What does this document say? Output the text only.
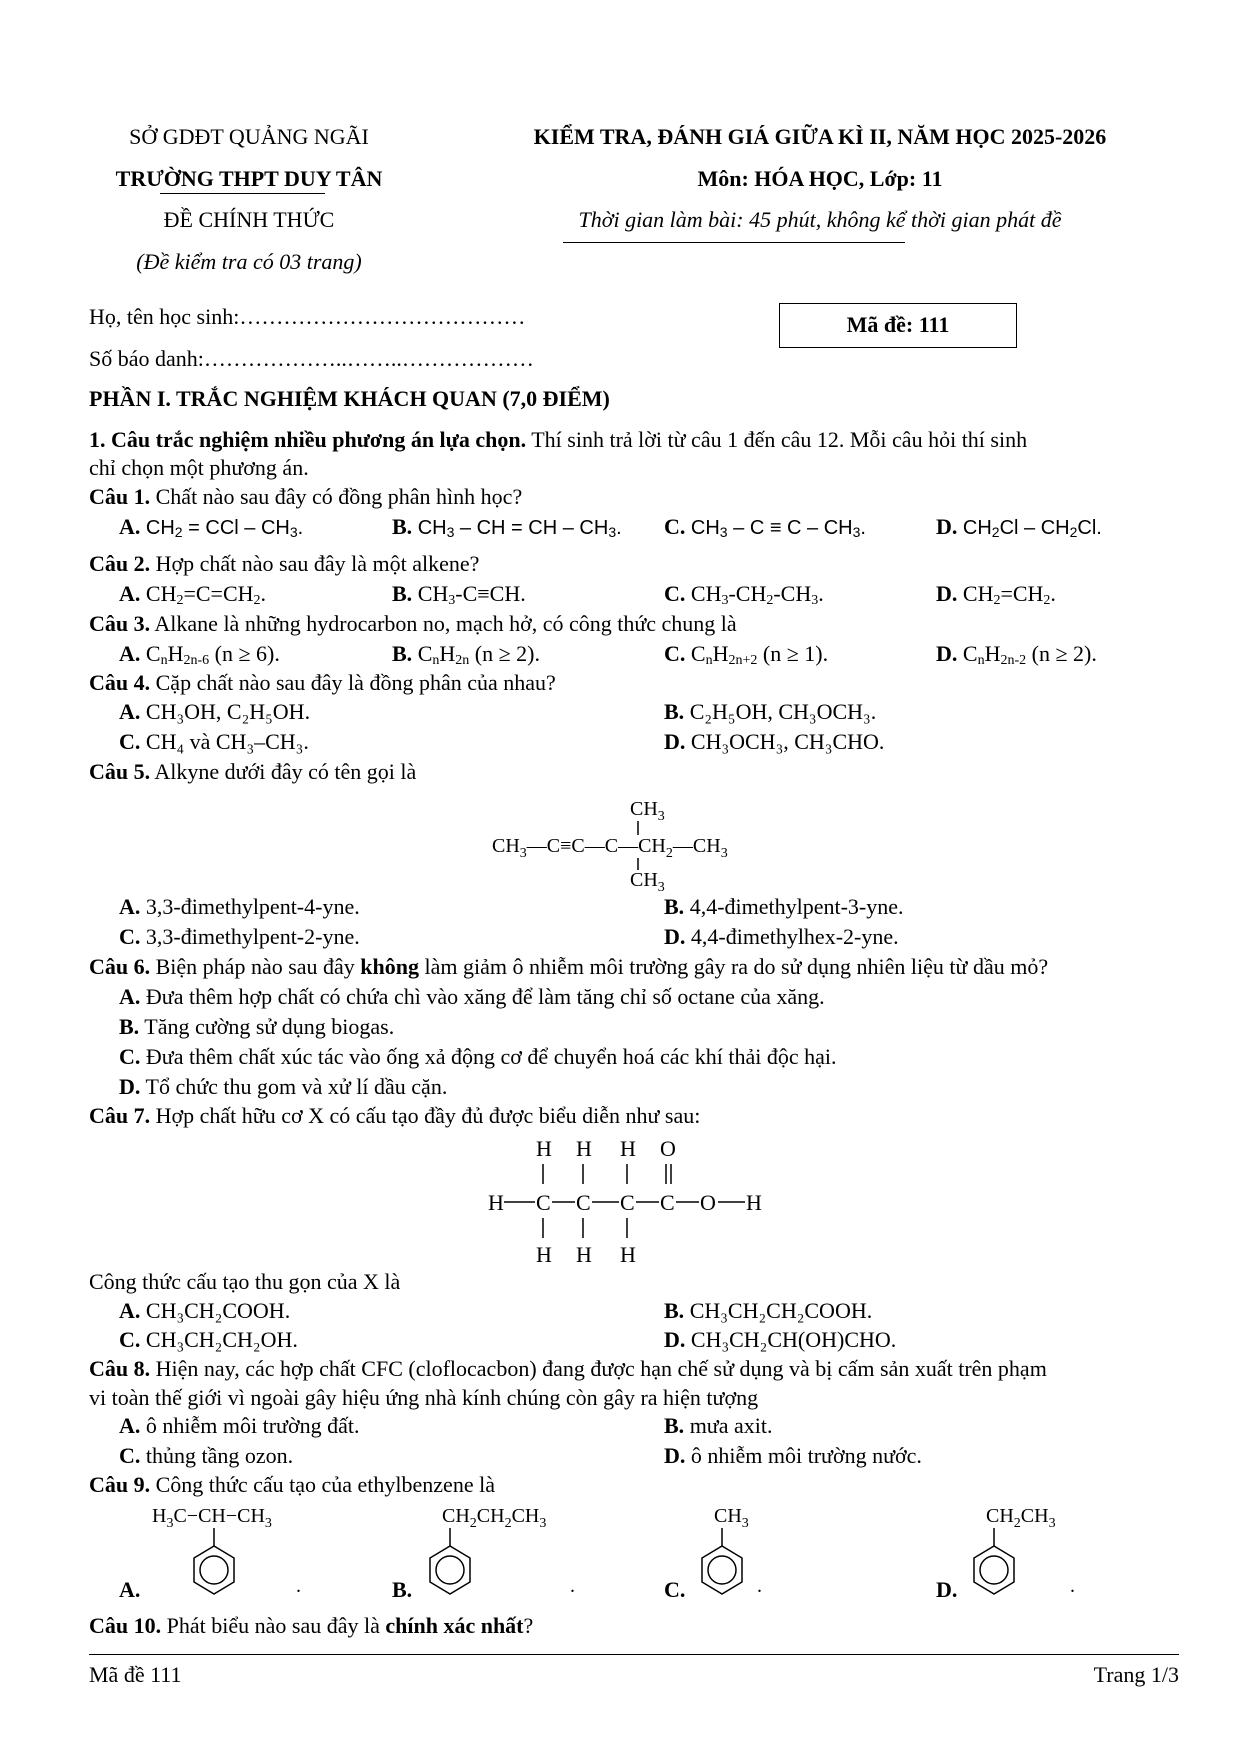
SỞ GDĐT QUẢNG NGÃI
TRƯỜNG THPT DUY TÂN
ĐỀ CHÍNH THỨC
(Đề kiểm tra có 03 trang)
KIỂM TRA, ĐÁNH GIÁ GIỮA KÌ II, NĂM HỌC 2025-2026
Môn: HÓA HỌC, Lớp: 11
Thời gian làm bài: 45 phút, không kể thời gian phát đề
Họ, tên học sinh:…………………………………
Số báo danh:………………..……..………………
Mã đề: 111
PHẦN I. TRẮC NGHIỆM KHÁCH QUAN (7,0 ĐIỂM)
1. Câu trắc nghiệm nhiều phương án lựa chọn. Thí sinh trả lời từ câu 1 đến câu 12. Mỗi câu hỏi thí sinh
chỉ chọn một phương án.
Câu 1. Chất nào sau đây có đồng phân hình học?
A. $CH_2$ = CCl – $CH_3$.	B. $CH_3$ – CH = CH – $CH_3$. C. $CH_3 - C \equiv C - CH_3$.	D. $CH_2Cl - CH_2Cl$.
Câu 2. Hợp chất nào sau đây là một alkene?
A. $CH_2=C=CH_2$.	B. $CH_3-C\equiv CH$.	C. $CH_3-CH_2-CH_3$.	D. $CH_2=CH_2$.
Câu 3. Alkane là những hydrocarbon no, mạch hở, có công thức chung là
A. $C_nH_{2n-6}$ (n ≥ 6).	B. $C_nH_{2n}$ (n ≥ 2).	C. $C_nH_{2n+2}$ (n ≥ 1).	D. $C_nH_{2n-2}$ (n ≥ 2).
Câu 4. Cặp chất nào sau đây là đồng phân của nhau?
A. CH₃OH, C₂H₅OH.	B. C₂H₅OH, CH₃OCH₃.
C. CH₄ và CH₃–CH₃.	D. CH₃OCH₃, CH₃CHO.
Câu 5. Alkyne dưới đây có tên gọi là
$CH_3$
$CH_3—C\equiv C—C—CH_2—CH_3$
$CH_3$
A. 3,3-đimethylpent-4-yne.	B. 4,4-đimethylpent-3-yne.
C. 3,3-đimethylpent-2-yne.	D. 4,4-đimethylhex-2-yne.
Câu 6. Biện pháp nào sau đây không làm giảm ô nhiễm môi trường gây ra do sử dụng nhiên liệu từ dầu mỏ?
A. Đưa thêm hợp chất có chứa chì vào xăng để làm tăng chỉ số octane của xăng.
B. Tăng cường sử dụng biogas.
C. Đưa thêm chất xúc tác vào ống xả động cơ để chuyển hoá các khí thải độc hại.
D. Tổ chức thu gom và xử lí dầu cặn.
Câu 7. Hợp chất hữu cơ X có cấu tạo đầy đủ được biểu diễn như sau:
H H H O
H C C C C O H
H H H
Công thức cấu tạo thu gọn của X là
A. CH₃CH₂COOH.	B. CH₃CH₂CH₂COOH.
C. CH₃CH₂CH₂OH.	D. CH₃CH₂CH(OH)CHO.
Câu 8. Hiện nay, các hợp chất CFC (cloflocacbon) đang được hạn chế sử dụng và bị cấm sản xuất trên phạm
vi toàn thế giới vì ngoài gây hiệu ứng nhà kính chúng còn gây ra hiện tượng
A. ô nhiễm môi trường đất.	B. mưa axit.
C. thủng tầng ozon.	D. ô nhiễm môi trường nước.
Câu 9. Công thức cấu tạo của ethylbenzene là
A.
$H_3C-CH-CH_3$
.	B.
$CH_2CH_2CH_3$
.	C.
$CH_3$
.	D.
$CH_2CH_3$
.
Câu 10. Phát biểu nào sau đây là chính xác nhất?
Mã đề 111	Trang 1/3
